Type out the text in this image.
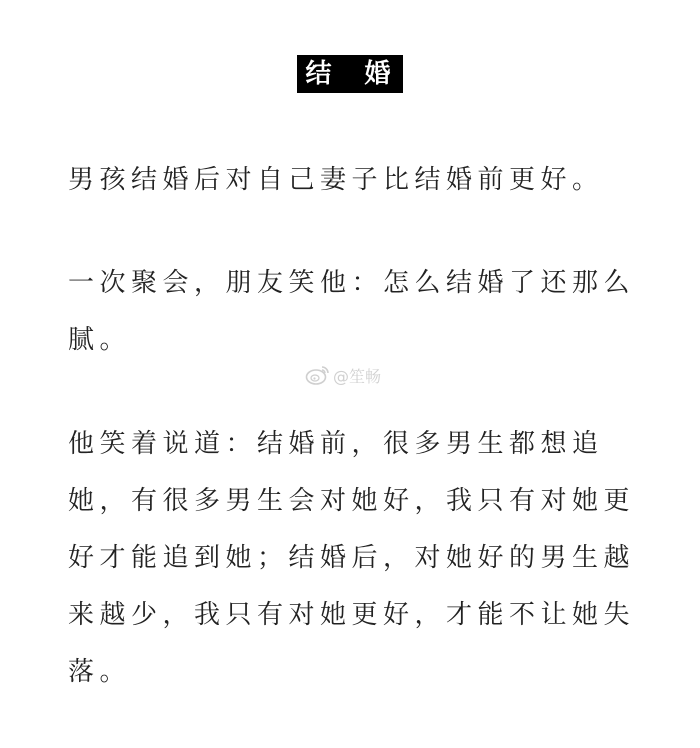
结 婚

男孩结婚后对自己妻子比结婚前更好。

一次聚会，朋友笑他：怎么结婚了还那么腻。

@笙畅

他笑着说道：结婚前，很多男生都想追她，有很多男生会对她好，我只有对她更好才能追到她；结婚后，对她好的男生越来越少，我只有对她更好，才能不让她失落。
